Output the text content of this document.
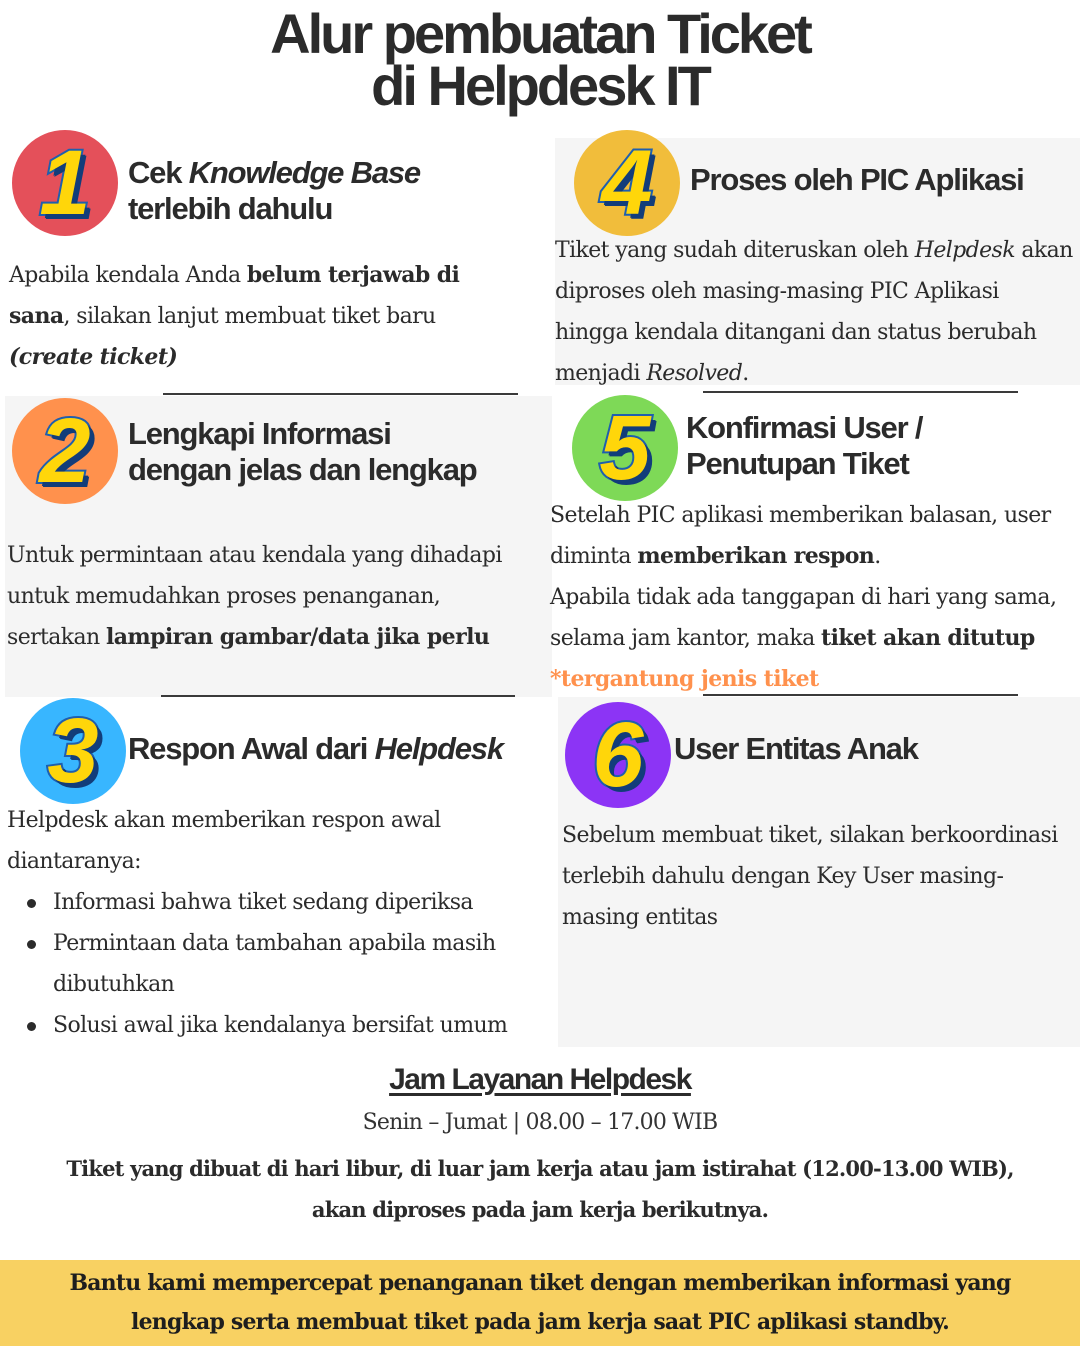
Alur pembuatan Ticket
di Helpdesk IT
1 Cek Knowledge Base
terlebih dahulu
Apabila kendala Anda belum terjawab di sana, silakan lanjut membuat tiket baru
(create ticket)
2 Lengkapi Informasi
dengan jelas dan lengkap
Untuk permintaan atau kendala yang dihadapi untuk memudahkan proses penanganan, sertakan lampiran gambar/data jika perlu
3 Respon Awal dari Helpdesk
Helpdesk akan memberikan respon awal diantaranya:
Informasi bahwa tiket sedang diperiksa
Permintaan data tambahan apabila masih dibutuhkan
Solusi awal jika kendalanya bersifat umum
4 Proses oleh PIC Aplikasi
Tiket yang sudah diteruskan oleh Helpdesk akan diproses oleh masing-masing PIC Aplikasi
hingga kendala ditangani dan status berubah menjadi Resolved.
5 Konfirmasi User /
Penutupan Tiket
Setelah PIC aplikasi memberikan balasan, user diminta memberikan respon.
Apabila tidak ada tanggapan di hari yang sama, selama jam kantor, maka tiket akan ditutup
*tergantung jenis tiket
6 User Entitas Anak
Sebelum membuat tiket, silakan berkoordinasi terlebih dahulu dengan Key User masing-masing entitas
Jam Layanan Helpdesk
Senin – Jumat | 08.00 – 17.00 WIB
Tiket yang dibuat di hari libur, di luar jam kerja atau jam istirahat (12.00-13.00 WIB),
akan diproses pada jam kerja berikutnya.
Bantu kami mempercepat penanganan tiket dengan memberikan informasi yang
lengkap serta membuat tiket pada jam kerja saat PIC aplikasi standby.
